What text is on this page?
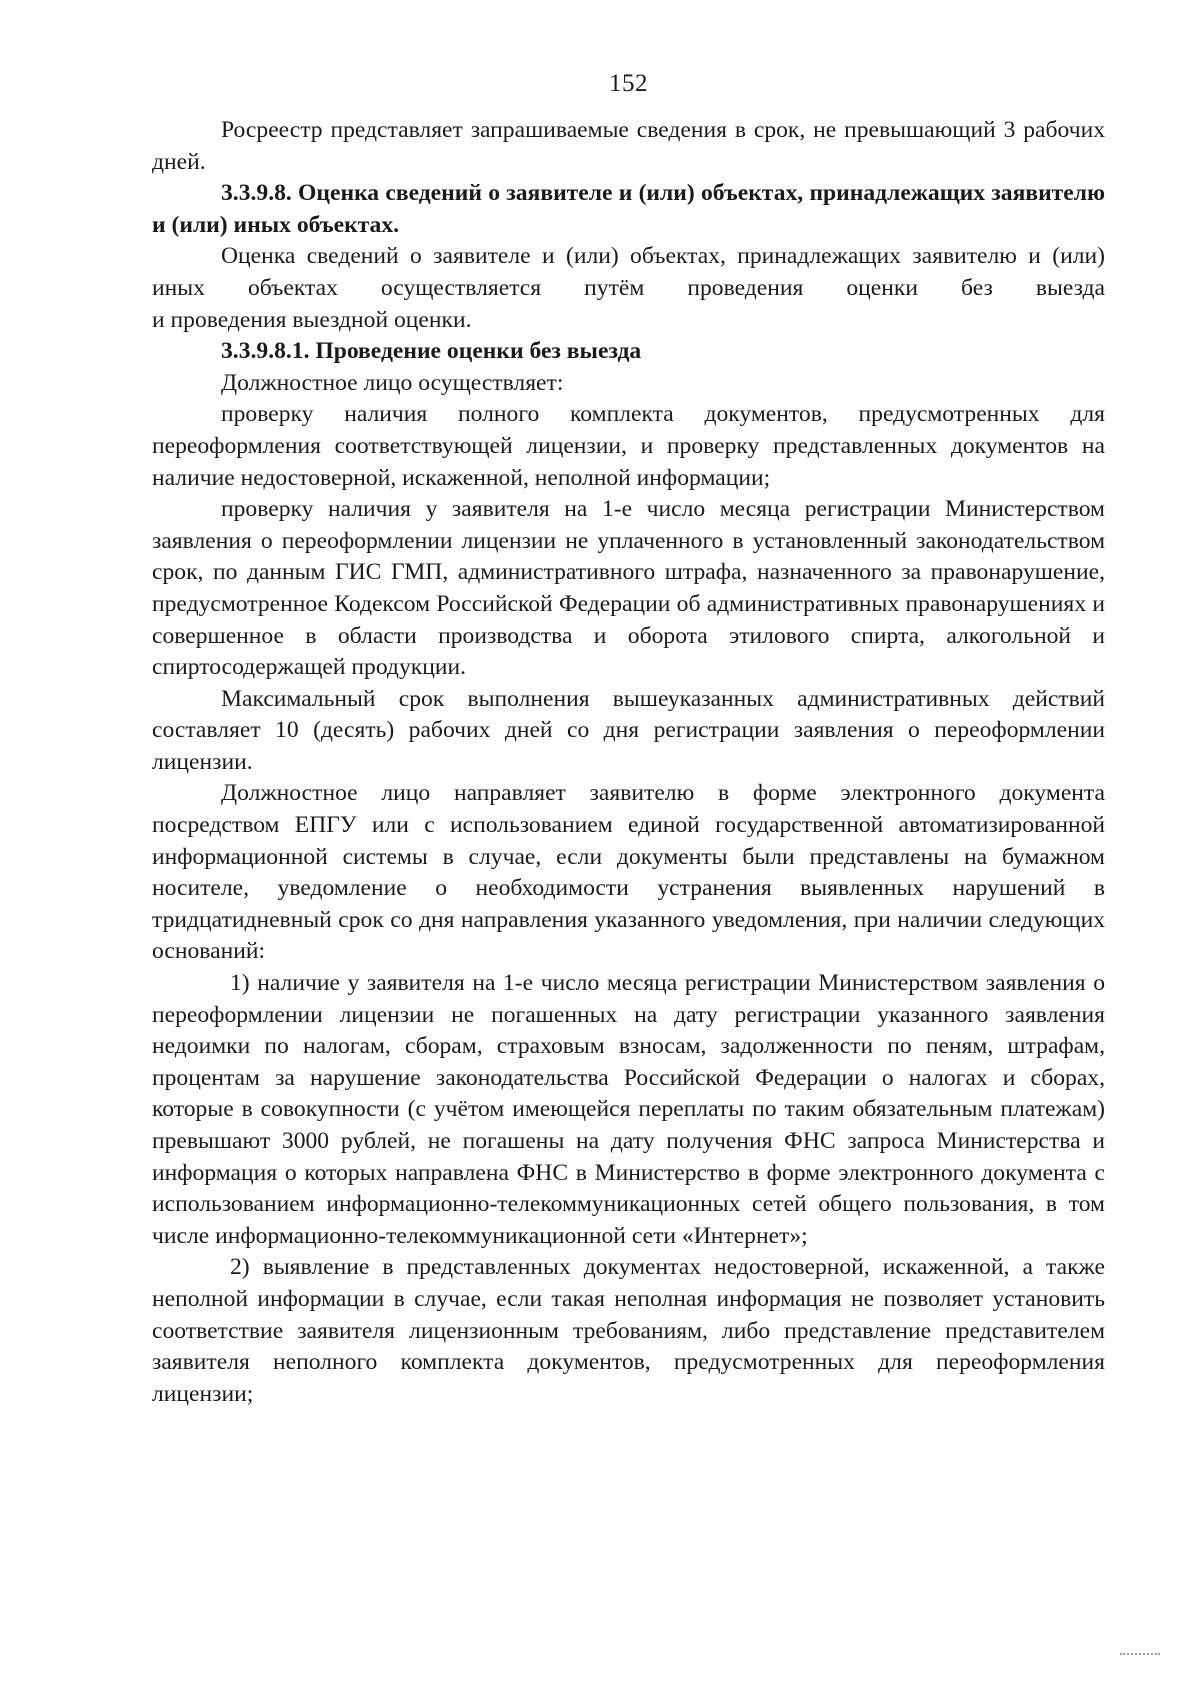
152

Росреестр представляет запрашиваемые сведения в срок, не превышающий 3 рабочих дней.

3.3.9.8. Оценка сведений о заявителе и (или) объектах, принадлежащих заявителю и (или) иных объектах.

Оценка сведений о заявителе и (или) объектах, принадлежащих заявителю и (или) иных объектах осуществляется путём проведения оценки без выезда

и проведения выездной оценки.

3.3.9.8.1. Проведение оценки без выезда

Должностное лицо осуществляет:

проверку наличия полного комплекта документов, предусмотренных для переоформления соответствующей лицензии, и проверку представленных документов на наличие недостоверной, искаженной, неполной информации;

проверку наличия у заявителя на 1-е число месяца регистрации Министерством заявления о переоформлении лицензии не уплаченного в установленный законодательством срок, по данным ГИС ГМП, административного штрафа, назначенного за правонарушение, предусмотренное Кодексом Российской Федерации об административных правонарушениях и совершенное в области производства и оборота этилового спирта, алкогольной и спиртосодержащей продукции.

Максимальный срок выполнения вышеуказанных административных действий составляет 10 (десять) рабочих дней со дня регистрации заявления о переоформлении лицензии.

Должностное лицо направляет заявителю в форме электронного документа посредством ЕПГУ или с использованием единой государственной автоматизированной информационной системы в случае, если документы были представлены на бумажном носителе, уведомление о необходимости устранения выявленных нарушений в тридцатидневный срок со дня направления указанного уведомления, при наличии следующих оснований:

1) наличие у заявителя на 1-е число месяца регистрации Министерством заявления о переоформлении лицензии не погашенных на дату регистрации указанного заявления недоимки по налогам, сборам, страховым взносам, задолженности по пеням, штрафам, процентам за нарушение законодательства Российской Федерации о налогах и сборах, которые в совокупности (с учётом имеющейся переплаты по таким обязательным платежам) превышают 3000 рублей, не погашены на дату получения ФНС запроса Министерства и информация о которых направлена ФНС в Министерство в форме электронного документа с использованием информационно-телекоммуникационных сетей общего пользования, в том числе информационно-телекоммуникационной сети «Интернет»;

2) выявление в представленных документах недостоверной, искаженной, а также неполной информации в случае, если такая неполная информация не позволяет установить соответствие заявителя лицензионным требованиям, либо представление представителем заявителя неполного комплекта документов, предусмотренных для переоформления лицензии;
